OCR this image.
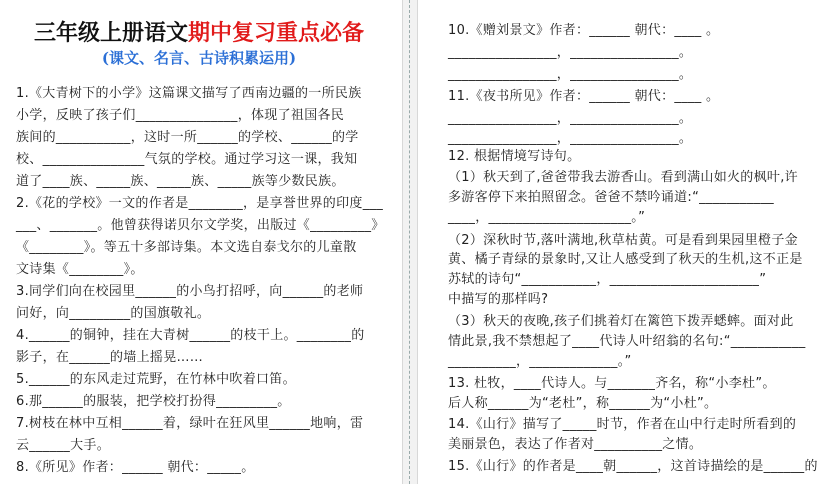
三年级上册语文期中复习重点必备
(课文、名言、古诗积累运用)
1.《大青树下的小学》这篇课文描写了西南边疆的一所民族
小学，反映了孩子们_______________，体现了祖国各民
族间的___________，这时一所______的学校、______的学
校、_______________气氛的学校。通过学习这一课，我知
道了____族、_____族、_____族、_____族等少数民族。
2.《花的学校》一文的作者是________，是享誉世界的印度___
___、_______。他曾获得诺贝尔文学奖，出版过《_________》
《________》。等五十多部诗集。本文选自泰戈尔的儿童散
文诗集《________》。
3.同学们向在校园里______的小鸟打招呼，向______的老师
问好，向_________的国旗敬礼。
4.______的铜钟，挂在大青树______的枝干上。________的
影子，在______的墙上摇晃……
5.______的东风走过荒野，在竹林中吹着口笛。
6.那______的服装，把学校打扮得_________。
7.树枝在林中互相______着，绿叶在狂风里______地响，雷
云______大手。
8.《所见》作者：______ 朝代：_____。
10.《赠刘景文》作者：______ 朝代：____ 。
________________，________________。
________________，________________。
11.《夜书所见》作者：______ 朝代：____ 。
________________，________________。
________________，________________。
12. 根据情境写诗句。
（1）秋天到了,爸爸带我去游香山。看到满山如火的枫叶,许
多游客停下来拍照留念。爸爸不禁吟诵道:“___________
____，_____________________。”
（2）深秋时节,落叶满地,秋草枯黄。可是看到果园里橙子金
黄、橘子青绿的景象时,又让人感受到了秋天的生机,这不正是
苏轼的诗句“___________，______________________”
中描写的那样吗?
（3）秋天的夜晚,孩子们挑着灯在篱笆下拨弄蟋蟀。面对此
情此景,我不禁想起了____代诗人叶绍翁的名句:“___________
__________，_____________。”
13. 杜牧，____代诗人。与_______齐名，称“小李杜”。
后人称______为“老杜”，称______为“小杜”。
14.《山行》描写了_____时节，作者在山中行走时所看到的
美丽景色，表达了作者对__________之情。
15.《山行》的作者是____朝______，这首诗描绘的是______的
